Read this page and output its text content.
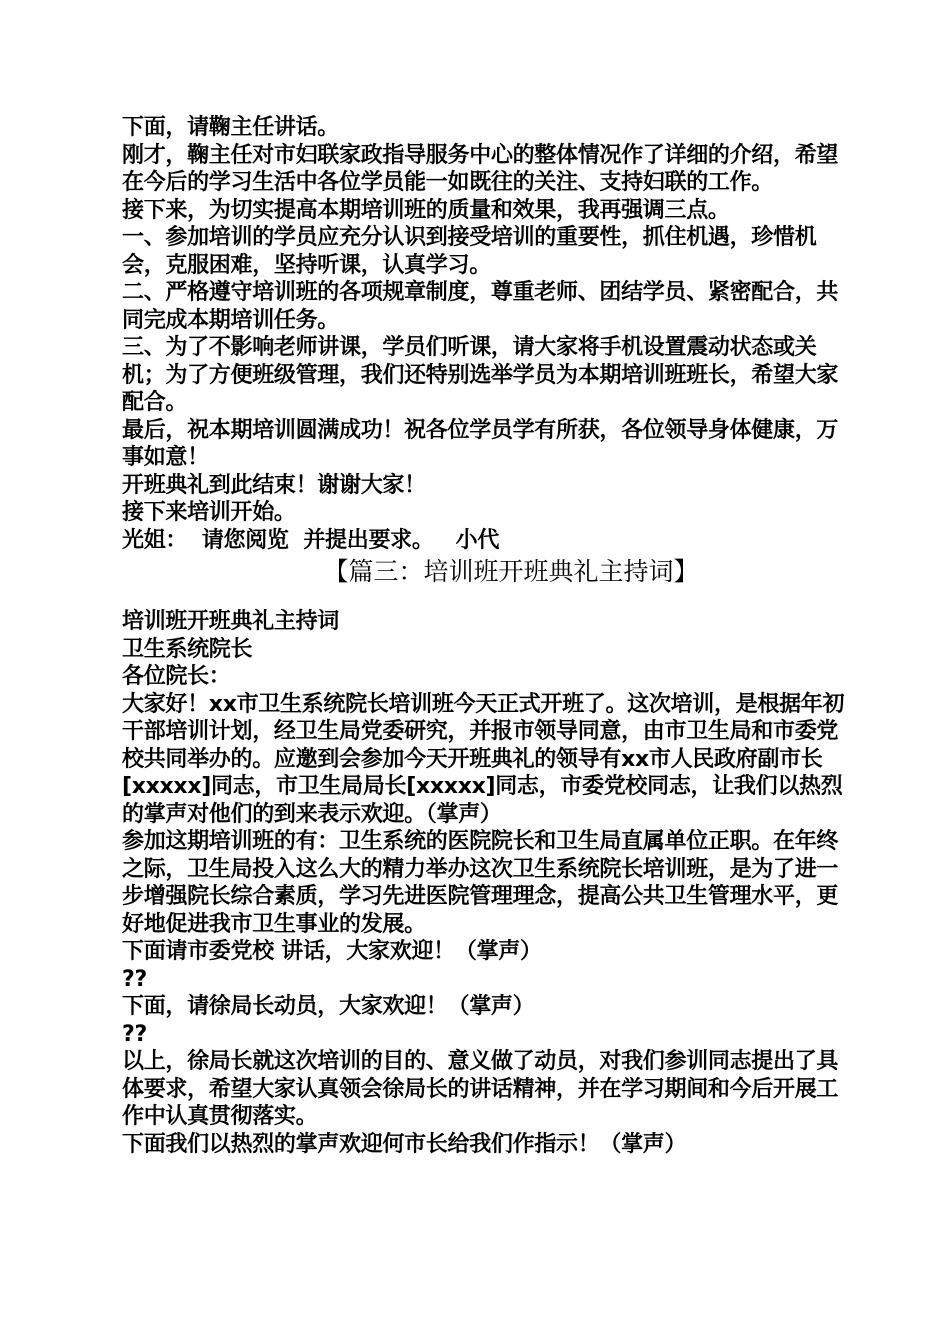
下面，请鞠主任讲话。

刚才，鞠主任对市妇联家政指导服务中心的整体情况作了详细的介绍，希望在今后的学习生活中各位学员能一如既往的关注、支持妇联的工作。

接下来，为切实提高本期培训班的质量和效果，我再强调三点。

一、参加培训的学员应充分认识到接受培训的重要性，抓住机遇，珍惜机会，克服困难，坚持听课，认真学习。

二、严格遵守培训班的各项规章制度，尊重老师、团结学员、紧密配合，共同完成本期培训任务。

三、为了不影响老师讲课，学员们听课，请大家将手机设置震动状态或关机；为了方便班级管理，我们还特别选举学员为本期培训班班长，希望大家配合。

最后，祝本期培训圆满成功！祝各位学员学有所获，各位领导身体健康，万事如意！

开班典礼到此结束！谢谢大家！

接下来培训开始。

光姐：  请您阅览  并提出要求。   小代

【篇三：培训班开班典礼主持词】

培训班开班典礼主持词

卫生系统院长

各位院长：

大家好！xx市卫生系统院长培训班今天正式开班了。这次培训，是根据年初干部培训计划，经卫生局党委研究，并报市领导同意，由市卫生局和市委党校共同举办的。应邀到会参加今天开班典礼的领导有xx市人民政府副市长

[xxxxx]同志，市卫生局局长[xxxxx]同志，市委党校同志，让我们以热烈的掌声对他们的到来表示欢迎。（掌声）

参加这期培训班的有：卫生系统的医院院长和卫生局直属单位正职。在年终之际，卫生局投入这么大的精力举办这次卫生系统院长培训班，是为了进一步增强院长综合素质，学习先进医院管理理念，提高公共卫生管理水平，更好地促进我市卫生事业的发展。

下面请市委党校 讲话，大家欢迎！（掌声）

??

下面，请徐局长动员，大家欢迎！（掌声）

??

以上，徐局长就这次培训的目的、意义做了动员，对我们参训同志提出了具体要求，希望大家认真领会徐局长的讲话精神，并在学习期间和今后开展工作中认真贯彻落实。

下面我们以热烈的掌声欢迎何市长给我们作指示！（掌声）
